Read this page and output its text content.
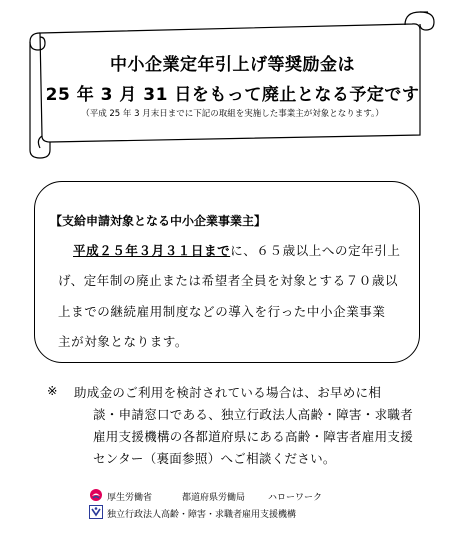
中小企業定年引上げ等奨励金は
25 年 3 月 31 日をもって廃止となる予定です
（平成 25 年 3 月末日までに下記の取組を実施した事業主が対象となります。）
【支給申請対象となる中小企業事業主】
平成２５年３月３１日までに、６５歳以上への定年引上
げ、定年制の廃止または希望者全員を対象とする７０歳以
上までの継続雇用制度などの導入を行った中小企業事業
主が対象となります。
※ 助成金のご利用を検討されている場合は、お早めに相
談・申請窓口である、独立行政法人高齢・障害・求職者
雇用支援機構の各都道府県にある高齢・障害者雇用支援
センター（裏面参照）へご相談ください。
厚生労働省	都道府県労働局	ハローワーク
独立行政法人高齢・障害・求職者雇用支援機構
